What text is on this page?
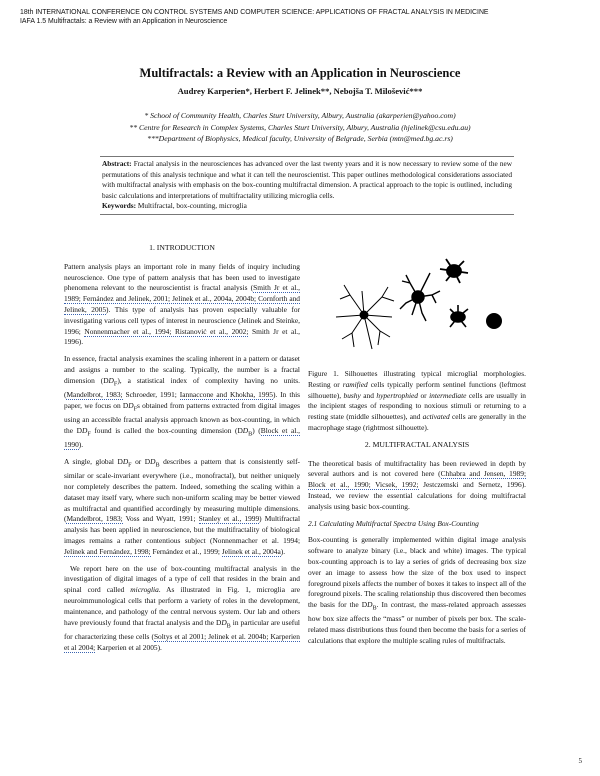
18th INTERNATIONAL CONFERENCE ON CONTROL SYSTEMS AND COMPUTER SCIENCE: APPLICATIONS OF FRACTAL ANALYSIS IN MEDICINE
IAFA 1.5 Multifractals: a Review with an Application in Neuroscience
Multifractals: a Review with an Application in Neuroscience
Audrey Karperien*, Herbert F. Jelinek**, Nebojša T. Milošević***
* School of Community Health, Charles Sturt University, Albury, Australia (akarperien@yahoo.com)
** Centre for Research in Complex Systems, Charles Sturt University, Albury, Australia (hjelinek@csu.edu.au)
***Department of Biophysics, Medical faculty, University of Belgrade, Serbia (mtn@med.bg.ac.rs)
Abstract: Fractal analysis in the neurosciences has advanced over the last twenty years and it is now necessary to review some of the new permutations of this analysis technique and what it can tell the neuroscientist. This paper outlines methodological considerations associated with multifractal analysis with emphasis on the box-counting multifractal dimension. A practical approach to the topic is outlined, including basic calculations and interpretations of multifractality utilizing microglia cells.
Keywords: Multifractal, box-counting, microglia
1. INTRODUCTION

Pattern analysis plays an important role in many fields of inquiry including neuroscience. One type of pattern analysis that has been used to investigate phenomena relevant to the neuroscientist is fractal analysis (Smith Jr et al., 1989; Fernández and Jelinek, 2001; Jelinek et al., 2004a, 2004b; Cornforth and Jelinek, 2005). This type of analysis has proven especially valuable for investigating various cell types of interest in neuroscience (Jelinek and Steinke, 1996; Nonnenmacher et al., 1994; Ristanović et al., 2002; Smith Jr et al., 1996).

In essence, fractal analysis examines the scaling inherent in a pattern or dataset and assigns a number to the scaling. Typically, the number is a fractal dimension $(DD_F)$, a statistical index of complexity having no units. (Mandelbrot, 1983; Schroeder, 1991; Iannaccone and Khokha, 1995). In this paper, we focus on $DD_Fs$ obtained from patterns extracted from digital images using an accessible fractal analysis approach known as box-counting, in which the $DD_F$ found is called the box-counting dimension $(DD_B)$ (Block et al., 1990).

A single, global $DD_F$ or $DD_B$ describes a pattern that is consistently self-similar or scale-invariant everywhere (i.e., monofractal), but neither uniquely nor completely describes the pattern. Indeed, something the scaling within a dataset may itself vary, where such non-uniform scaling may be better viewed as multifractal and quantified accordingly by measuring multiple dimensions. (Mandelbrot, 1983; Voss and Wyatt, 1991; Stanley et al., 1999) Multifractal analysis has been applied in neuroscience, but the multifractality of biological images remains a rather contentious subject (Nonnenmacher et al. 1994; Jelinek and Fernández, 1998; Fernández et al., 1999; Jelinek et al., 2004a).

We report here on the use of box-counting multifractal analysis in the investigation of digital images of a type of cell that resides in the brain and spinal cord called microglia. As illustrated in Fig. 1, microglia are neuroimmunological cells that perform a variety of roles in the development, maintenance, and pathology of the central nervous system. Our lab and others have previously found that fractal analysis and the $DD_B$ in particular are useful for characterizing these cells (Soltys et al 2001; Jelinek et al. 2004b; Karperien et al 2004; Karperien et al 2005).

Figure 1. Silhouettes illustrating typical microglial morphologies. Resting or ramified cells typically perform sentinel functions (leftmost silhouette), bushy and hypertrophied or intermediate cells are usually in the incipient stages of responding to noxious stimuli or returning to a resting state (middle silhouettes), and activated cells are generally in the macrophage stage (rightmost silhouette).

2. MULTIFRACTAL ANALYSIS

The theoretical basis of multifractality has been reviewed in depth by several authors and is not covered here (Chhabra and Jensen, 1989; Block et al., 1990; Vicsek, 1992; Jestczemski and Sernetz, 1996). Instead, we review the essential calculations for doing multifractal analysis using basic box-counting.

2.1 Calculating Multifractal Spectra Using Box-Counting

Box-counting is generally implemented within digital image analysis software to analyze binary (i.e., black and white) images. The typical box-counting approach is to lay a series of grids of decreasing box size over an image to assess how the size of the box used to inspect foreground pixels affects the number of boxes it takes to inspect all of the foreground pixels. The scaling relationship thus discovered then becomes the basis for the $DD_B$. In contrast, the mass-related approach assesses how box size affects the “mass” or number of pixels per box. The scale-related mass distributions thus found then become the basis for a series of calculations that explore the multiple scaling rules of multifractals.

5
